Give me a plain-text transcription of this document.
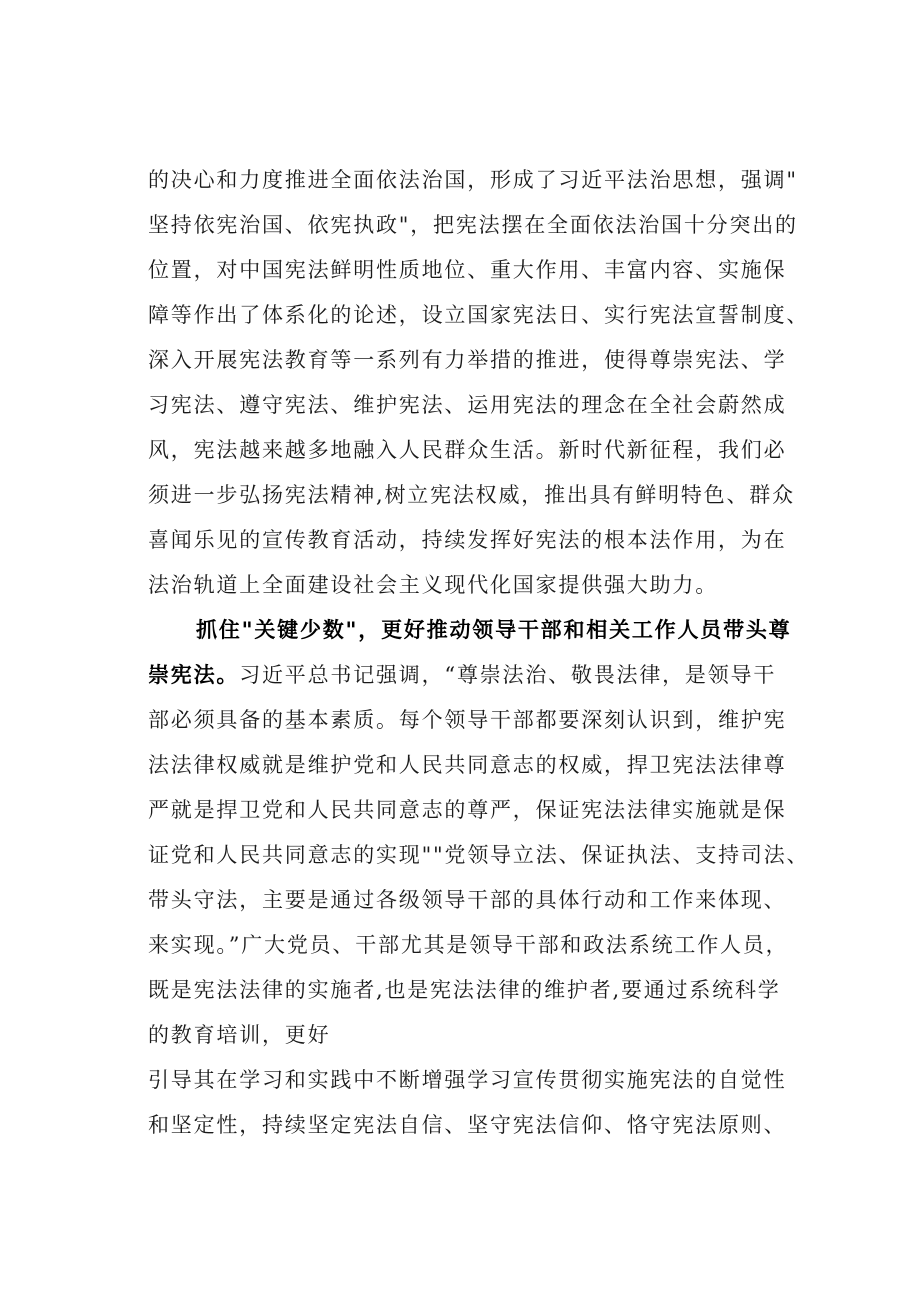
的决心和力度推进全面依法治国，形成了习近平法治思想，强调"
坚持依宪治国、依宪执政"，把宪法摆在全面依法治国十分突出的
位置，对中国宪法鲜明性质地位、重大作用、丰富内容、实施保
障等作出了体系化的论述，设立国家宪法日、实行宪法宣誓制度、
深入开展宪法教育等一系列有力举措的推进，使得尊崇宪法、学
习宪法、遵守宪法、维护宪法、运用宪法的理念在全社会蔚然成
风，宪法越来越多地融入人民群众生活。新时代新征程，我们必
须进一步弘扬宪法精神,树立宪法权威，推出具有鲜明特色、群众
喜闻乐见的宣传教育活动，持续发挥好宪法的根本法作用，为在
法治轨道上全面建设社会主义现代化国家提供强大助力。
抓住"关键少数"，更好推动领导干部和相关工作人员带头尊
崇宪法。习近平总书记强调，“尊崇法治、敬畏法律，是领导干
部必须具备的基本素质。每个领导干部都要深刻认识到，维护宪
法法律权威就是维护党和人民共同意志的权威，捍卫宪法法律尊
严就是捍卫党和人民共同意志的尊严，保证宪法法律实施就是保
证党和人民共同意志的实现""党领导立法、保证执法、支持司法、
带头守法，主要是通过各级领导干部的具体行动和工作来体现、
来实现。”广大党员、干部尤其是领导干部和政法系统工作人员，
既是宪法法律的实施者,也是宪法法律的维护者,要通过系统科学
的教育培训，更好
引导其在学习和实践中不断增强学习宣传贯彻实施宪法的自觉性
和坚定性，持续坚定宪法自信、坚守宪法信仰、恪守宪法原则、
